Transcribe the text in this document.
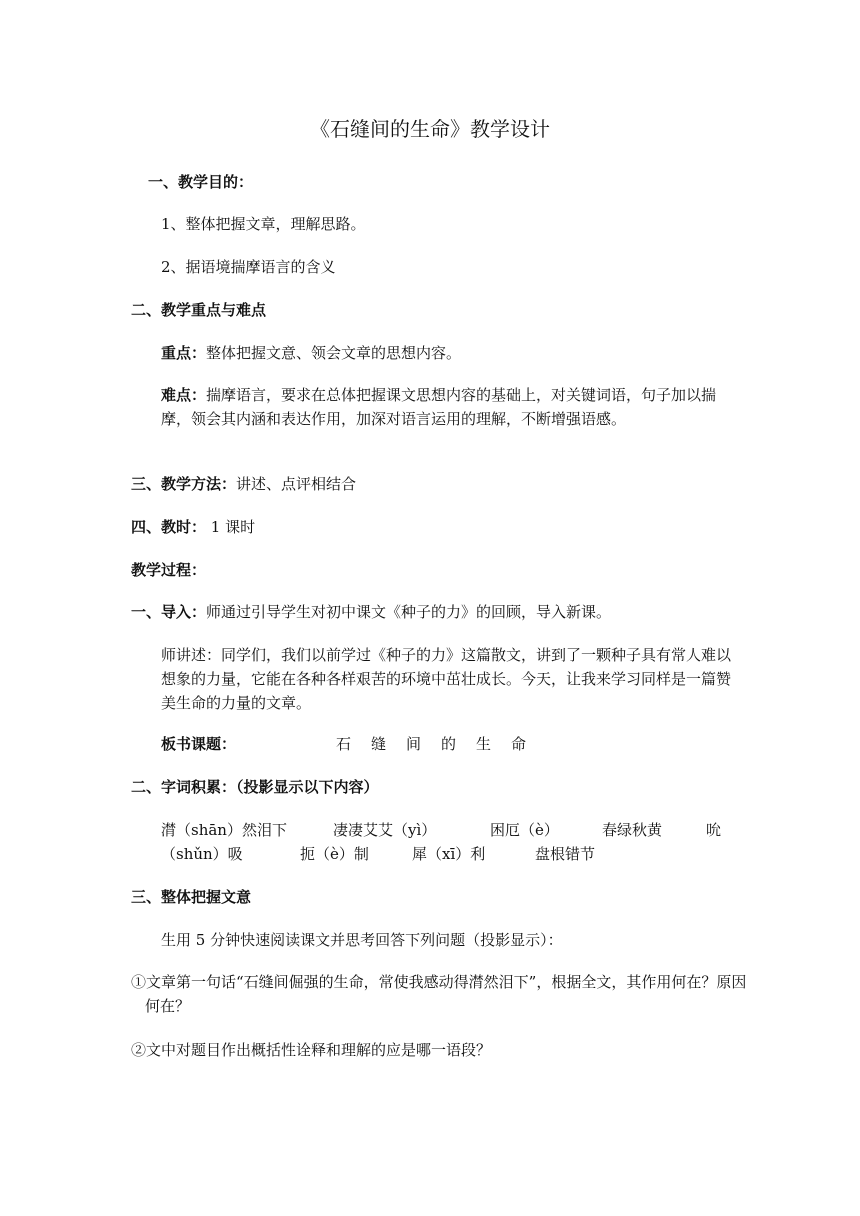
《石缝间的生命》教学设计
一、教学目的：
1、整体把握文章，理解思路。
2、据语境揣摩语言的含义
二、教学重点与难点
重点：整体把握文意、领会文章的思想内容。
难点：揣摩语言，要求在总体把握课文思想内容的基础上，对关键词语，句子加以揣摩，领会其内涵和表达作用，加深对语言运用的理解，不断增强语感。
三、教学方法：讲述、点评相结合
四、教时： 1 课时
教学过程：
一、导入：师通过引导学生对初中课文《种子的力》的回顾，导入新课。
师讲述：同学们，我们以前学过《种子的力》这篇散文，讲到了一颗种子具有常人难以想象的力量，它能在各种各样艰苦的环境中茁壮成长。今天，让我来学习同样是一篇赞美生命的力量的文章。
板书课题：	石缝间的生命
二、字词积累：（投影显示以下内容）
潸（shān）然泪下	凄凄艾艾（yì）	困厄（è）	春绿秋黄	吮
（shǔn）吸	扼（è）制	犀（xī）利	盘根错节
三、整体把握文意
生用 5 分钟快速阅读课文并思考回答下列问题（投影显示）：
①文章第一句话“石缝间倔强的生命，常使我感动得潸然泪下”，根据全文，其作用何在？原因何在？
②文中对题目作出概括性诠释和理解的应是哪一语段？
